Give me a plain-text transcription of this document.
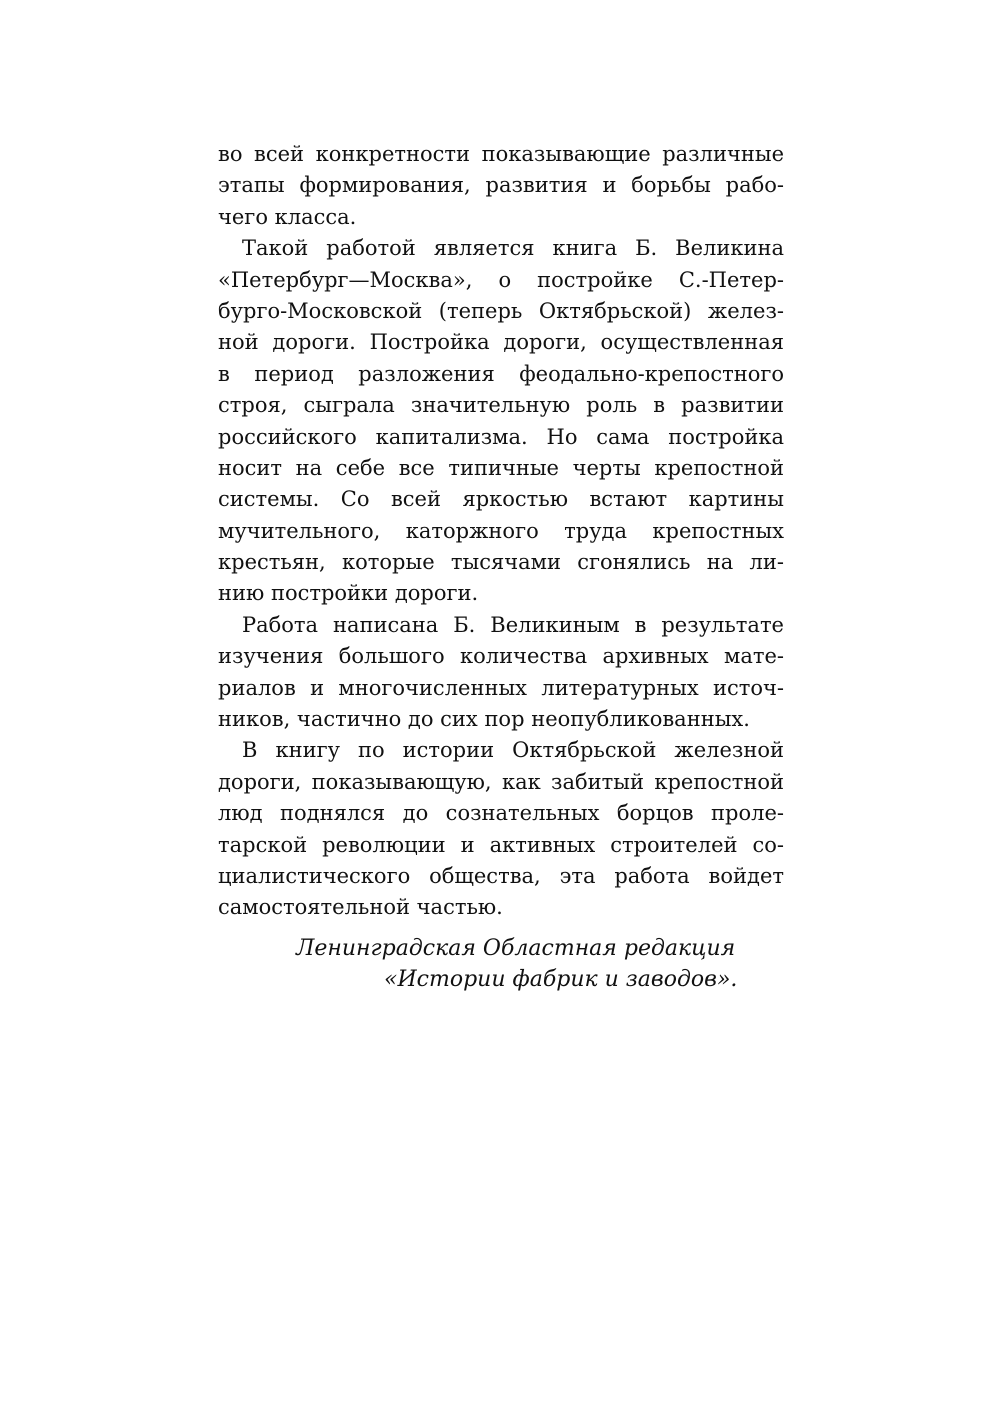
во всей конкретности показывающие различные
этапы формирования, развития и борьбы рабо-
чего класса.
Такой работой является книга Б. Великина
«Петербург—Москва», о постройке С.-Петер-
бурго-Московской (теперь Октябрьской) желез-
ной дороги. Постройка дороги, осуществленная
в период разложения феодально-крепостного
строя, сыграла значительную роль в развитии
российского капитализма. Но сама постройка
носит на себе все типичные черты крепостной
системы. Со всей яркостью встают картины
мучительного, каторжного труда крепостных
крестьян, которые тысячами сгонялись на ли-
нию постройки дороги.
Работа написана Б. Великиным в результате
изучения большого количества архивных мате-
риалов и многочисленных литературных источ-
ников, частично до сих пор неопубликованных.
В книгу по истории Октябрьской железной
дороги, показывающую, как забитый крепостной
люд поднялся до сознательных борцов проле-
тарской революции и активных строителей со-
циалистического общества, эта работа войдет
самостоятельной частью.
Ленинградская Областная редакция
«Истории фабрик и заводов».
